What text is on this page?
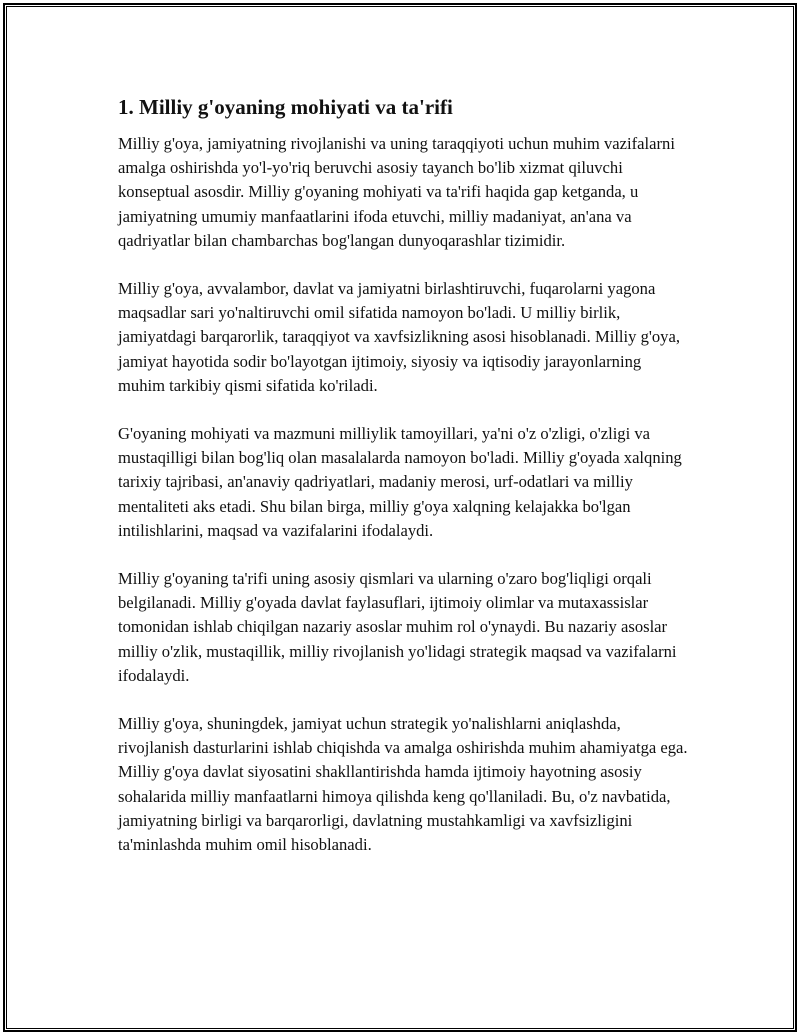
1. Milliy g'oyaning mohiyati va ta'rifi

Milliy g'oya, jamiyatning rivojlanishi va uning taraqqiyoti uchun muhim vazifalarni amalga oshirishda yo'l-yo'riq beruvchi asosiy tayanch bo'lib xizmat qiluvchi konseptual asosdir. Milliy g'oyaning mohiyati va ta'rifi haqida gap ketganda, u jamiyatning umumiy manfaatlarini ifoda etuvchi, milliy madaniyat, an'ana va qadriyatlar bilan chambarchas bog'langan dunyoqarashlar tizimidir.

Milliy g'oya, avvalambor, davlat va jamiyatni birlashtiruvchi, fuqarolarni yagona maqsadlar sari yo'naltiruvchi omil sifatida namoyon bo'ladi. U milliy birlik, jamiyatdagi barqarorlik, taraqqiyot va xavfsizlikning asosi hisoblanadi. Milliy g'oya, jamiyat hayotida sodir bo'layotgan ijtimoiy, siyosiy va iqtisodiy jarayonlarning muhim tarkibiy qismi sifatida ko'riladi.

G'oyaning mohiyati va mazmuni milliylik tamoyillari, ya'ni o'z o'zligi, o'zligi va mustaqilligi bilan bog'liq olan masalalarda namoyon bo'ladi. Milliy g'oyada xalqning tarixiy tajribasi, an'anaviy qadriyatlari, madaniy merosi, urf-odatlari va milliy mentaliteti aks etadi. Shu bilan birga, milliy g'oya xalqning kelajakka bo'lgan intilishlarini, maqsad va vazifalarini ifodalaydi.

Milliy g'oyaning ta'rifi uning asosiy qismlari va ularning o'zaro bog'liqligi orqali belgilanadi. Milliy g'oyada davlat faylasuflari, ijtimoiy olimlar va mutaxassislar tomonidan ishlab chiqilgan nazariy asoslar muhim rol o'ynaydi. Bu nazariy asoslar milliy o'zlik, mustaqillik, milliy rivojlanish yo'lidagi strategik maqsad va vazifalarni ifodalaydi.

Milliy g'oya, shuningdek, jamiyat uchun strategik yo'nalishlarni aniqlashda, rivojlanish dasturlarini ishlab chiqishda va amalga oshirishda muhim ahamiyatga ega. Milliy g'oya davlat siyosatini shakllantirishda hamda ijtimoiy hayotning asosiy sohalarida milliy manfaatlarni himoya qilishda keng qo'llaniladi. Bu, o'z navbatida, jamiyatning birligi va barqarorligi, davlatning mustahkamligi va xavfsizligini ta'minlashda muhim omil hisoblanadi.
